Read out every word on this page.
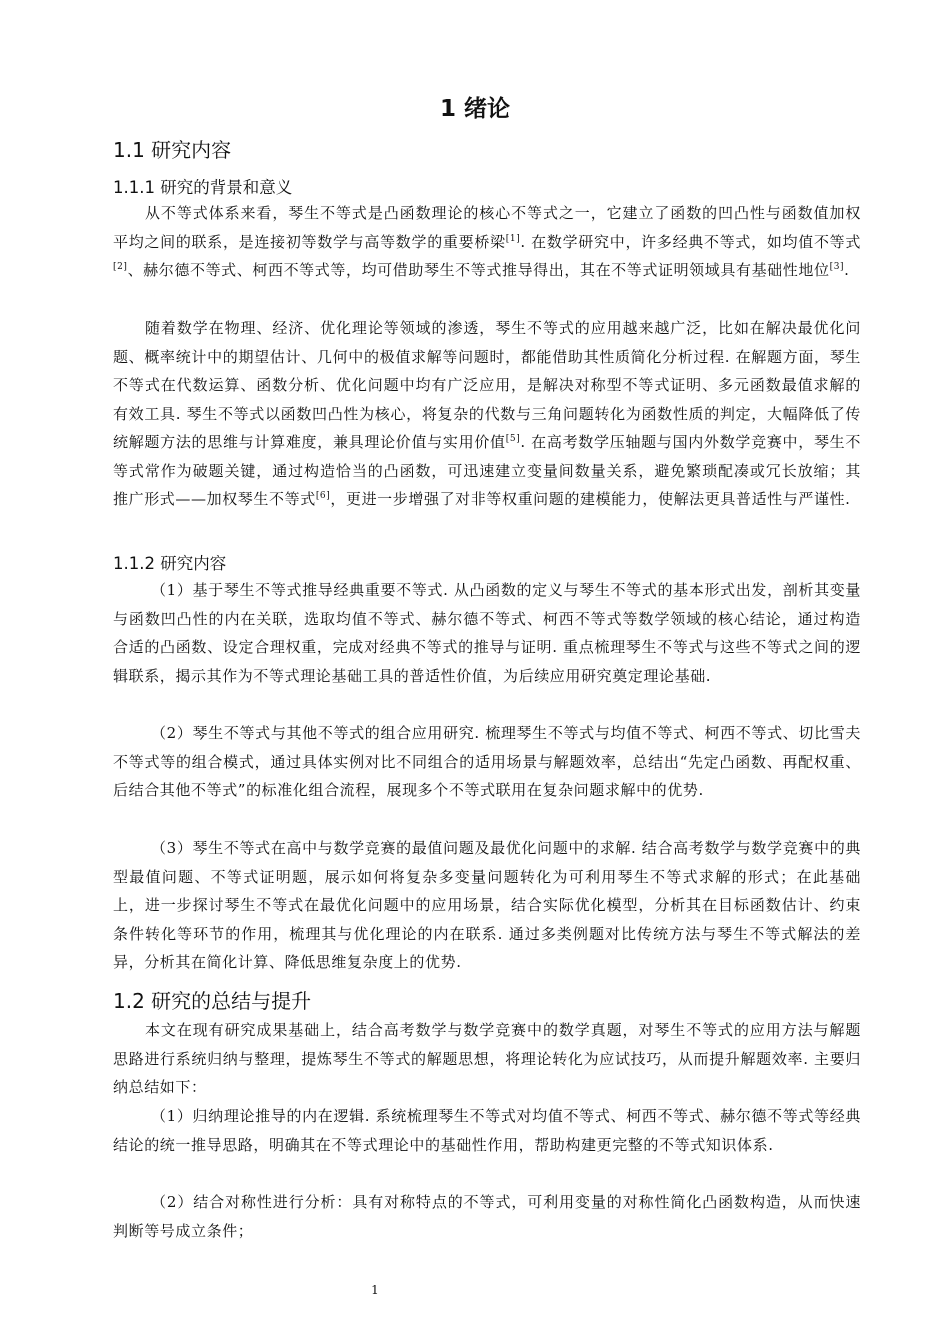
1 绪论
1.1 研究内容
1.1.1 研究的背景和意义

从不等式体系来看，琴生不等式是凸函数理论的核心不等式之一，它建立了函数的凹凸性与函数值加权平均之间的联系，是连接初等数学与高等数学的重要桥梁[1]. 在数学研究中，许多经典不等式，如均值不等式[2]、赫尔德不等式、柯西不等式等，均可借助琴生不等式推导得出，其在不等式证明领域具有基础性地位[3].

随着数学在物理、经济、优化理论等领域的渗透，琴生不等式的应用越来越广泛，比如在解决最优化问题、概率统计中的期望估计、几何中的极值求解等问题时，都能借助其性质简化分析过程. 在解题方面，琴生不等式在代数运算、函数分析、优化问题中均有广泛应用，是解决对称型不等式证明、多元函数最值求解的有效工具. 琴生不等式以函数凹凸性为核心，将复杂的代数与三角问题转化为函数性质的判定，大幅降低了传统解题方法的思维与计算难度，兼具理论价值与实用价值[5]. 在高考数学压轴题与国内外数学竞赛中，琴生不等式常作为破题关键，通过构造恰当的凸函数，可迅速建立变量间数量关系，避免繁琐配凑或冗长放缩；其推广形式——加权琴生不等式[6]，更进一步增强了对非等权重问题的建模能力，使解法更具普适性与严谨性.

1.1.2 研究内容

（1）基于琴生不等式推导经典重要不等式. 从凸函数的定义与琴生不等式的基本形式出发，剖析其变量与函数凹凸性的内在关联，选取均值不等式、赫尔德不等式、柯西不等式等数学领域的核心结论，通过构造合适的凸函数、设定合理权重，完成对经典不等式的推导与证明. 重点梳理琴生不等式与这些不等式之间的逻辑联系，揭示其作为不等式理论基础工具的普适性价值，为后续应用研究奠定理论基础.

（2）琴生不等式与其他不等式的组合应用研究. 梳理琴生不等式与均值不等式、柯西不等式、切比雪夫不等式等的组合模式，通过具体实例对比不同组合的适用场景与解题效率，总结出“先定凸函数、再配权重、后结合其他不等式”的标准化组合流程，展现多个不等式联用在复杂问题求解中的优势.

（3）琴生不等式在高中与数学竞赛的最值问题及最优化问题中的求解. 结合高考数学与数学竞赛中的典型最值问题、不等式证明题，展示如何将复杂多变量问题转化为可利用琴生不等式求解的形式；在此基础上，进一步探讨琴生不等式在最优化问题中的应用场景，结合实际优化模型，分析其在目标函数估计、约束条件转化等环节的作用，梳理其与优化理论的内在联系. 通过多类例题对比传统方法与琴生不等式解法的差异，分析其在简化计算、降低思维复杂度上的优势.

1.2 研究的总结与提升

本文在现有研究成果基础上，结合高考数学与数学竞赛中的数学真题，对琴生不等式的应用方法与解题思路进行系统归纳与整理，提炼琴生不等式的解题思想，将理论转化为应试技巧，从而提升解题效率. 主要归纳总结如下：

（1）归纳理论推导的内在逻辑. 系统梳理琴生不等式对均值不等式、柯西不等式、赫尔德不等式等经典结论的统一推导思路，明确其在不等式理论中的基础性作用，帮助构建更完整的不等式知识体系.

（2）结合对称性进行分析：具有对称特点的不等式，可利用变量的对称性简化凸函数构造，从而快速判断等号成立条件；

1
